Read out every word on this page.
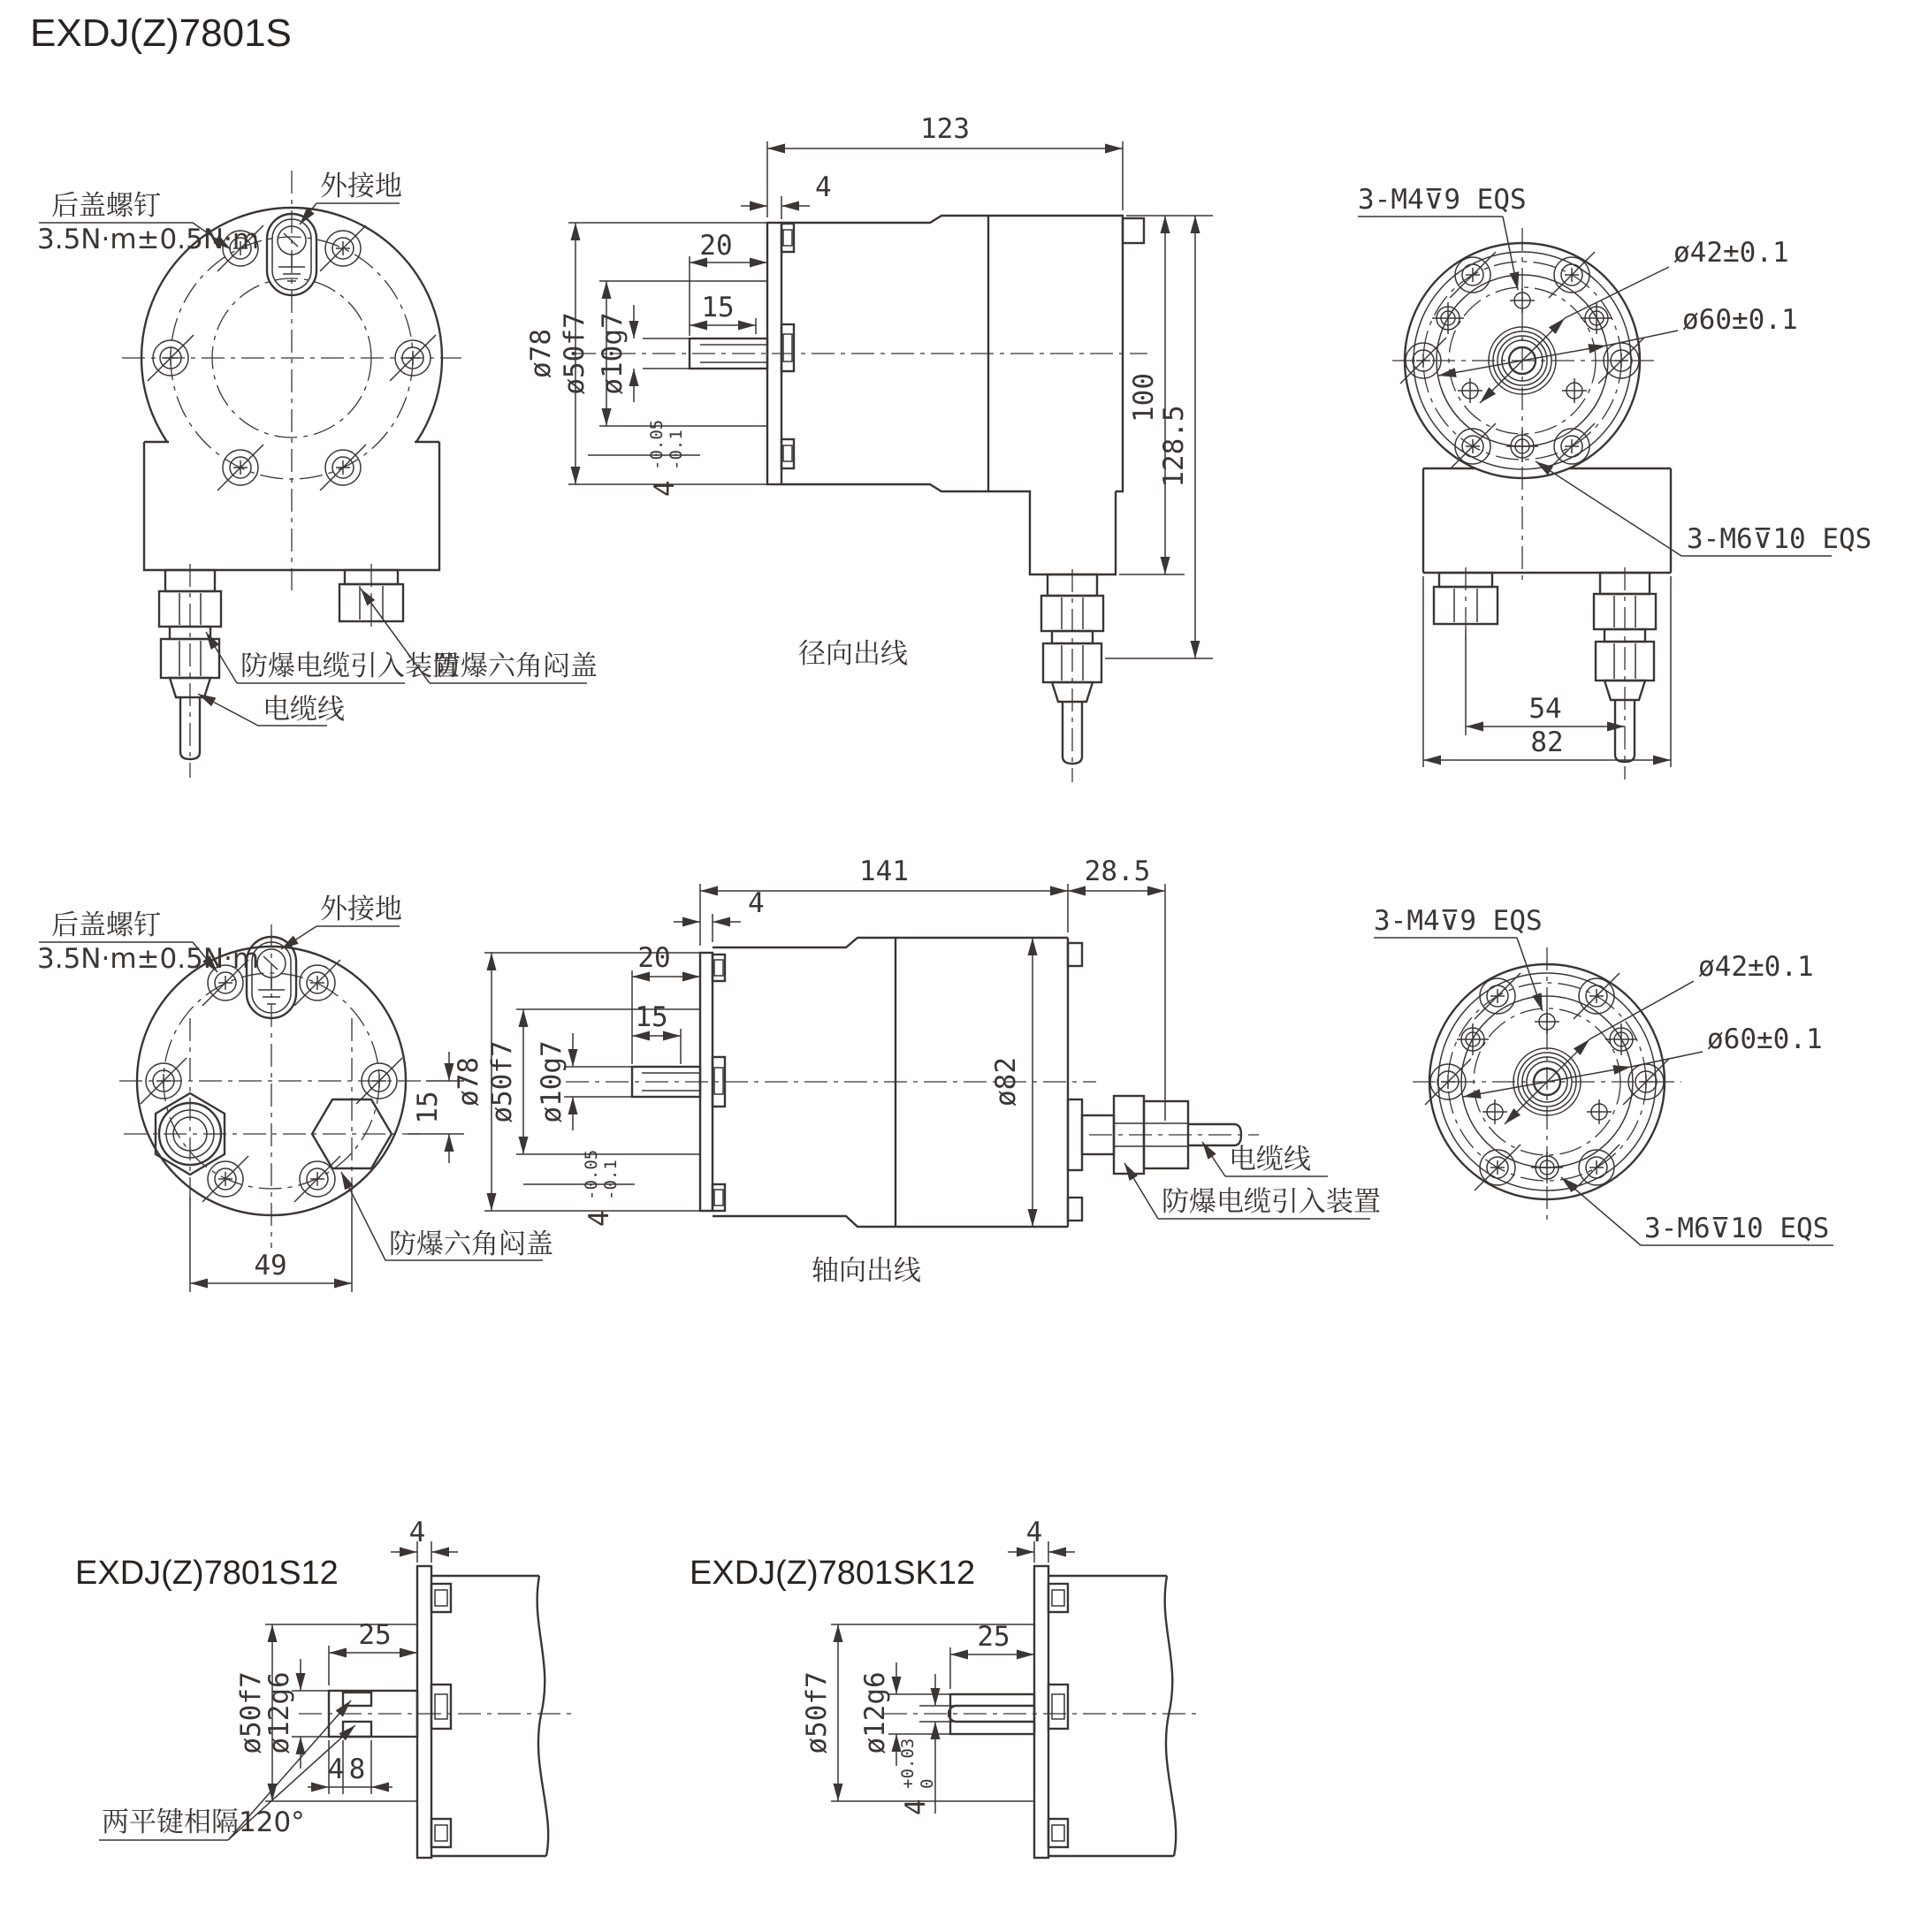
EXDJ(Z)7801S
后盖螺钉
3.5N·m±0.5N·m
外接地
防爆电缆引入装置
防爆六角闷盖
电缆线
123
4
20
15
ø78 ø50f7 ø10g7
4
-0.05 -0.1
100
128.5
径向出线
3-M4⊽9 EQS
ø42±0.1
ø60±0.1
3-M6⊽10 EQS
54
82
后盖螺钉
3.5N·m±0.5N·m
外接地
15
49
防爆六角闷盖
141	28.5
4
20
15
ø78 ø50f7 ø10g7
4
-0.05 -0.1
ø82
轴向出线
电缆线
防爆电缆引入装置
3-M4⊽9 EQS
ø42±0.1
ø60±0.1
3-M6⊽10 EQS
EXDJ(Z)7801S12
4
25
ø50f7
ø12g6
4 8
两平键相隔120°
EXDJ(Z)7801SK12
4
25
ø50f7 ø12g6
4
+0.03 0
